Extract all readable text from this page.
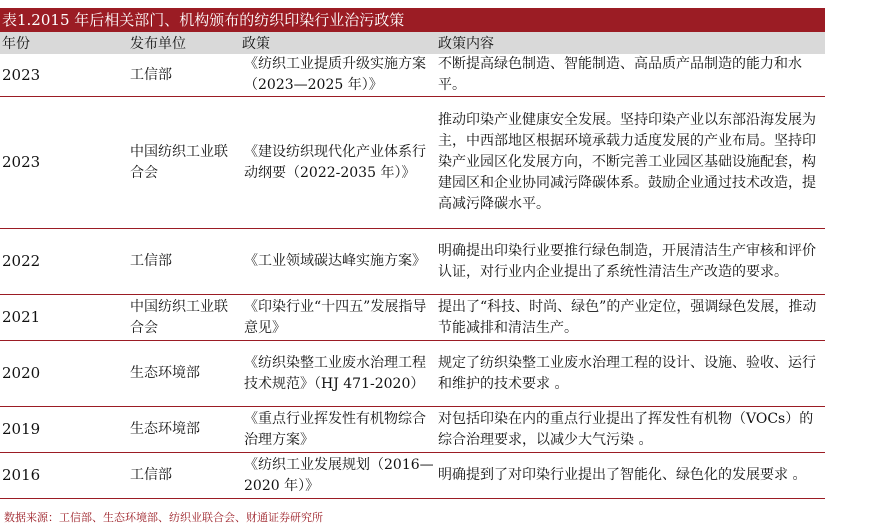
表1.2015 年后相关部门、机构颁布的纺织印染行业治污政策
年份	发布单位	政策	政策内容
2023	工信部	《纺织工业提质升级实施方案（2023—2025 年）》	不断提高绿色制造、智能制造、高品质产品制造的能力和水平。
2023	中国纺织工业联合会	《建设纺织现代化产业体系行动纲要（2022-2035 年）》	推动印染产业健康安全发展。坚持印染产业以东部沿海发展为主，中西部地区根据环境承载力适度发展的产业布局。坚持印染产业园区化发展方向，不断完善工业园区基础设施配套，构建园区和企业协同减污降碳体系。鼓励企业通过技术改造，提高减污降碳水平。
2022	工信部	《工业领域碳达峰实施方案》	明确提出印染行业要推行绿色制造，开展清洁生产审核和评价认证，对行业内企业提出了系统性清洁生产改造的要求。
2021	中国纺织工业联合会	《印染行业“十四五”发展指导意见》	提出了“科技、时尚、绿色”的产业定位，强调绿色发展，推动节能减排和清洁生产。
2020	生态环境部	《纺织染整工业废水治理工程技术规范》（HJ 471-2020）	规定了纺织染整工业废水治理工程的设计、设施、验收、运行和维护的技术要求 。
2019	生态环境部	《重点行业挥发性有机物综合治理方案》	对包括印染在内的重点行业提出了挥发性有机物（VOCs）的综合治理要求，以减少大气污染 。
2016	工信部	《纺织工业发展规划（2016—2020 年）》	明确提到了对印染行业提出了智能化、绿色化的发展要求 。
数据来源：工信部、生态环境部、纺织业联合会、财通证券研究所
